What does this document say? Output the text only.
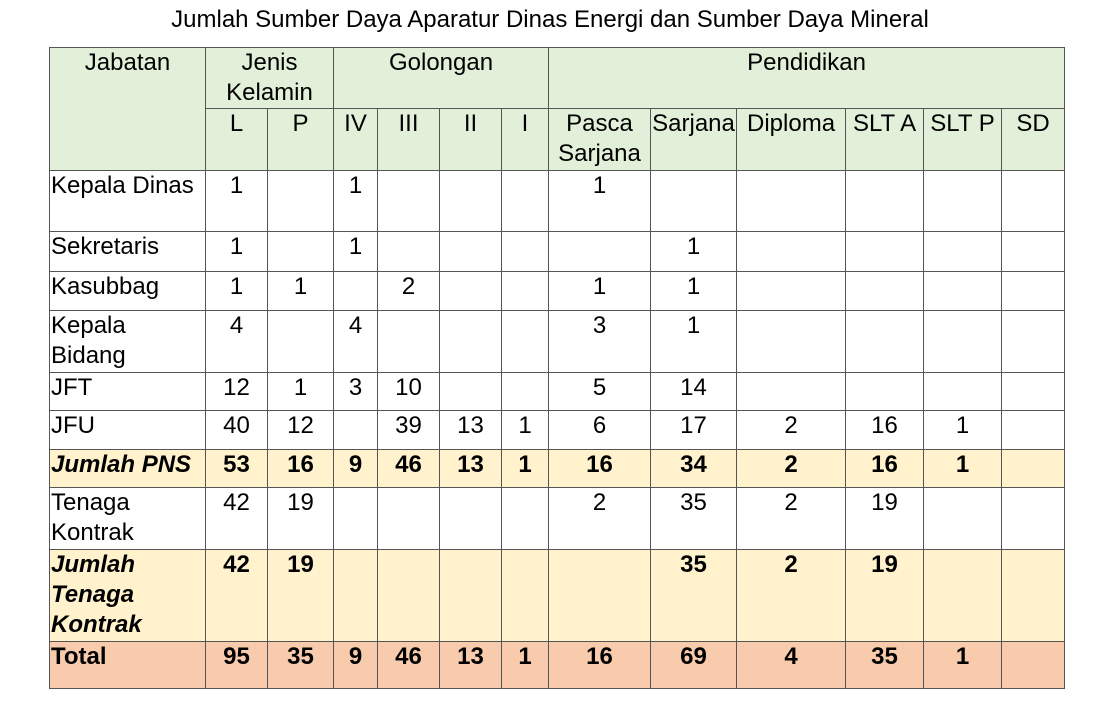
Jumlah Sumber Daya Aparatur Dinas Energi dan Sumber Daya Mineral
Jabatan	Jenis Kelamin		Golongan				Pendidikan					
	L	P	IV	III	II	I	Pasca Sarjana	Sarjana	Diploma	SLT A	SLT P	SD
Kepala Dinas	1		1				1					
Sekretaris	1		1					1				
Kasubbag	1	1		2			1	1				
Kepala Bidang	4		4				3	1				
JFT	12	1	3	10			5	14				
JFU	40	12		39	13	1	6	17	2	16	1	
Jumlah PNS	53	16	9	46	13	1	16	34	2	16	1	
Tenaga Kontrak	42	19					2	35	2	19		
Jumlah Tenaga Kontrak	42	19						35	2	19		
Total	95	35	9	46	13	1	16	69	4	35	1	
